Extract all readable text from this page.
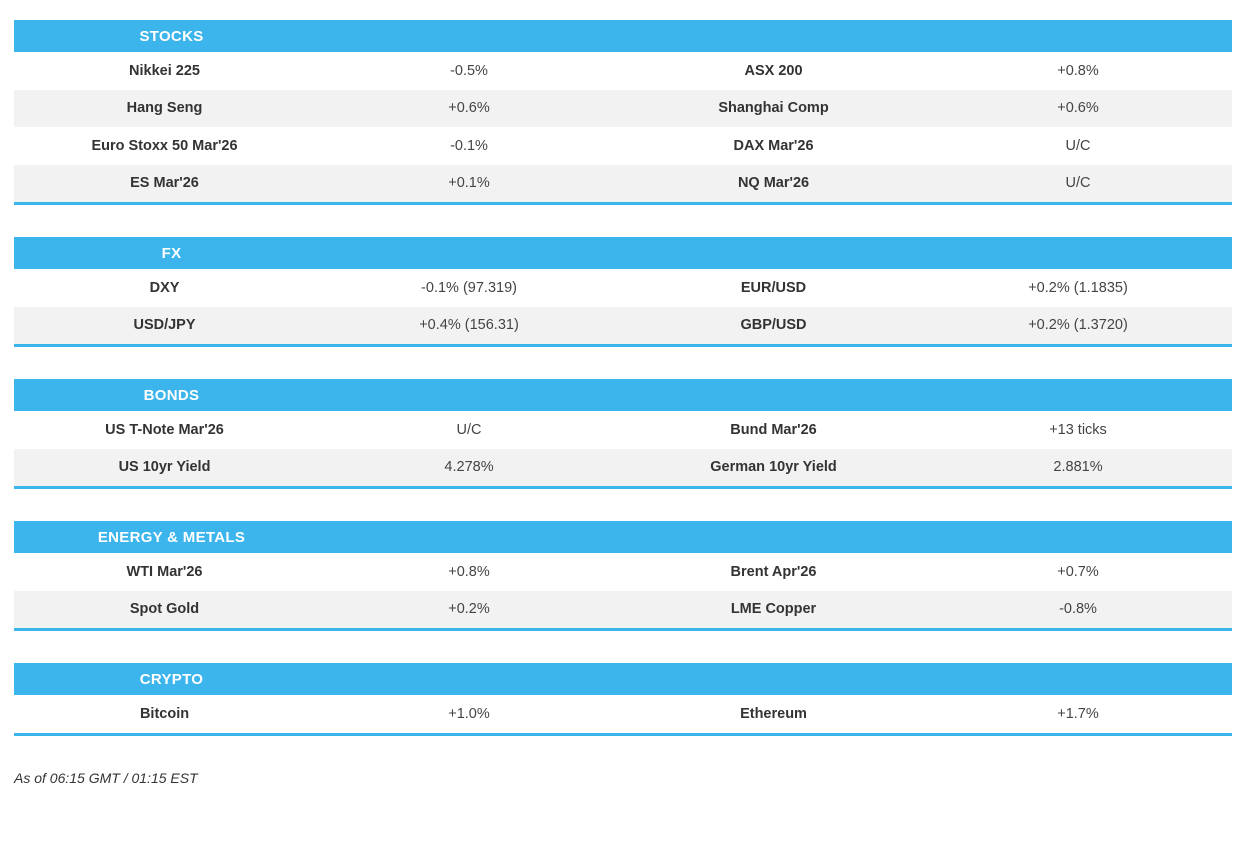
STOCKS
Nikkei 225	-0.5%	ASX 200	+0.8%
Hang Seng	+0.6%	Shanghai Comp	+0.6%
Euro Stoxx 50 Mar'26	-0.1%	DAX Mar'26	U/C
ES Mar'26	+0.1%	NQ Mar'26	U/C
FX
DXY	-0.1% (97.319)	EUR/USD	+0.2% (1.1835)
USD/JPY	+0.4% (156.31)	GBP/USD	+0.2% (1.3720)
BONDS
US T-Note Mar'26	U/C	Bund Mar'26	+13 ticks
US 10yr Yield	4.278%	German 10yr Yield	2.881%
ENERGY & METALS
WTI Mar'26	+0.8%	Brent Apr'26	+0.7%
Spot Gold	+0.2%	LME Copper	-0.8%
CRYPTO
Bitcoin	+1.0%	Ethereum	+1.7%
As of 06:15 GMT / 01:15 EST
